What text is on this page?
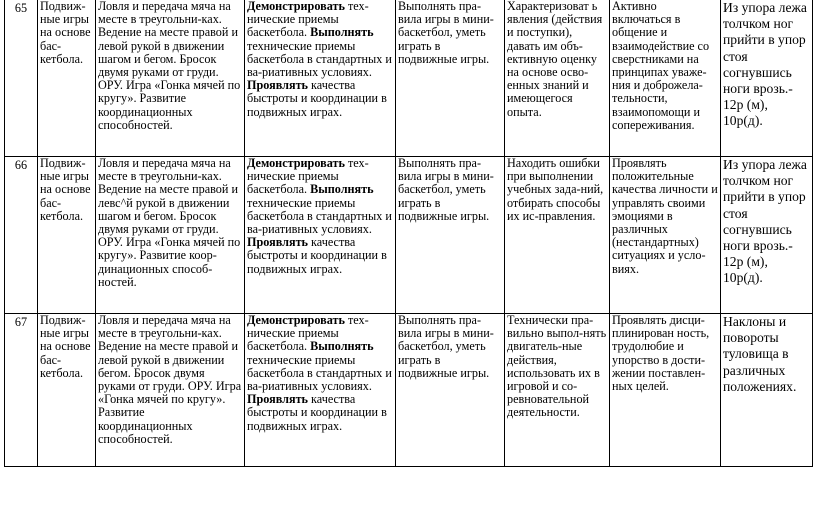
65	Подвиж-ные игры на основе бас-кетбола.	Ловля и передача мяча на месте в треугольни-ках. Ведение на месте правой и левой рукой в движении шагом и бегом. Бросок двумя руками от груди. ОРУ. Игра «Гонка мячей по кругу». Развитие координационных способностей.	Демонстрировать тех-нические приемы баскетбола. Выполнять технические приемы баскетбола в стандартных и ва-риативных условиях. Проявлять качества быстроты и координации в подвижных играх.	Выполнять пра-вила игры в мини- баскетбол, уметь играть в подвижные игры.	Характеризоват ь явления (действия и поступки), давать им объ-ективную оценку на основе осво-енных знаний и имеющегося опыта.	Активно включаться в общение и взаимодействие со сверстниками на принципах уваже-ния и доброжела-тельности, взаимопомощи и сопереживания.	Из упора лежа толчком ног прийти в упор стоя согнувшись ноги врозь.- 12р (м), 10р(д).
66	Подвиж-ные игры на основе бас-кетбола.	Ловля и передача мяча на месте в треугольни-ках. Ведение на месте правой и левс^й рукой в движении шагом и бегом. Бросок двумя руками от груди. ОРУ. Игра «Гонка мячей по кругу». Развитие коор-динационных способ-ностей.	Демонстрировать тех-нические приемы баскетбола. Выполнять технические приемы баскетбола в стандартных и ва-риативных условиях. Проявлять качества быстроты и координации в подвижных играх.	Выполнять пра-вила игры в мини- баскетбол, уметь играть в подвижные игры.	Находить ошибки при выполнении учебных зада-ний, отбирать способы их ис-правления.	Проявлять положительные качества личности и управлять своими эмоциями в различных (нестандартных) ситуациях и усло-виях.	Из упора лежа толчком ног прийти в упор стоя согнувшись ноги врозь.- 12р (м), 10р(д).
67	Подвиж-ные игры на основе бас-кетбола.	Ловля и передача мяча на месте в треугольни-ках. Ведение на месте правой и левой рукой в движении бегом. Бросок двумя руками от груди. ОРУ. Игра «Гонка мячей по кругу». Развитие координационных способностей.	Демонстрировать тех-нические приемы баскетбола. Выполнять технические приемы баскетбола в стандартных и ва-риативных условиях. Проявлять качества быстроты и координации в подвижных играх.	Выполнять пра-вила игры в мини- баскетбол, уметь играть в подвижные игры.	Технически пра-вильно выпол-нять двигатель-ные действия, использовать их в игровой и со-ревновательной деятельности.	Проявлять дисци-плинирован ность, трудолюбие и упорство в дости-жении поставлен-ных целей.	Наклоны и повороты туловища в различных положениях.
